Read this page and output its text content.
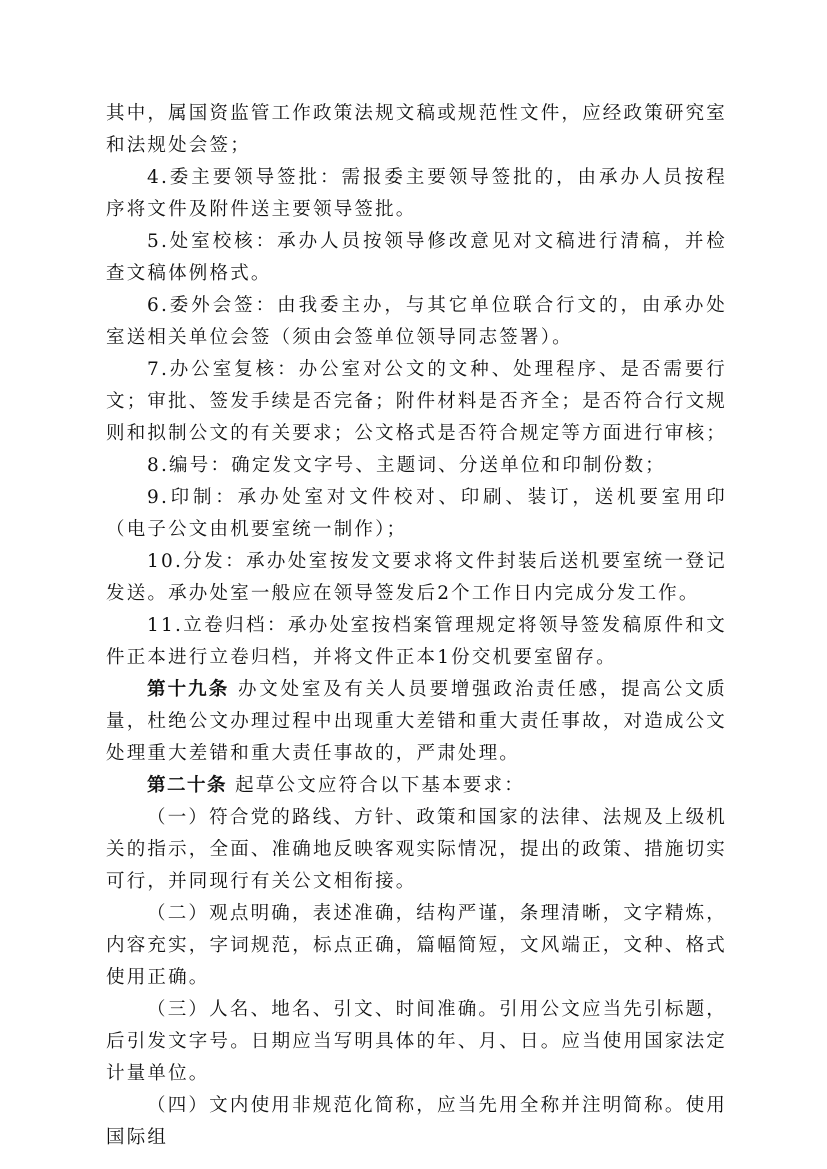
其中，属国资监管工作政策法规文稿或规范性文件，应经政策研究室和法规处会签；

4.委主要领导签批：需报委主要领导签批的，由承办人员按程序将文件及附件送主要领导签批。

5.处室校核：承办人员按领导修改意见对文稿进行清稿，并检查文稿体例格式。

6.委外会签：由我委主办，与其它单位联合行文的，由承办处室送相关单位会签（须由会签单位领导同志签署）。

7.办公室复核：办公室对公文的文种、处理程序、是否需要行文；审批、签发手续是否完备；附件材料是否齐全；是否符合行文规则和拟制公文的有关要求；公文格式是否符合规定等方面进行审核；

8.编号：确定发文字号、主题词、分送单位和印制份数；

9.印制：承办处室对文件校对、印刷、装订，送机要室用印（电子公文由机要室统一制作）；

10.分发：承办处室按发文要求将文件封装后送机要室统一登记发送。承办处室一般应在领导签发后2个工作日内完成分发工作。

11.立卷归档：承办处室按档案管理规定将领导签发稿原件和文件正本进行立卷归档，并将文件正本1份交机要室留存。

第十九条 办文处室及有关人员要增强政治责任感，提高公文质量，杜绝公文办理过程中出现重大差错和重大责任事故，对造成公文处理重大差错和重大责任事故的，严肃处理。

第二十条 起草公文应符合以下基本要求：

（一）符合党的路线、方针、政策和国家的法律、法规及上级机关的指示，全面、准确地反映客观实际情况，提出的政策、措施切实可行，并同现行有关公文相衔接。

（二）观点明确，表述准确，结构严谨，条理清晰，文字精炼，内容充实，字词规范，标点正确，篇幅简短，文风端正，文种、格式使用正确。

（三）人名、地名、引文、时间准确。引用公文应当先引标题，后引发文字号。日期应当写明具体的年、月、日。应当使用国家法定计量单位。

（四）文内使用非规范化简称，应当先用全称并注明简称。使用国际组
